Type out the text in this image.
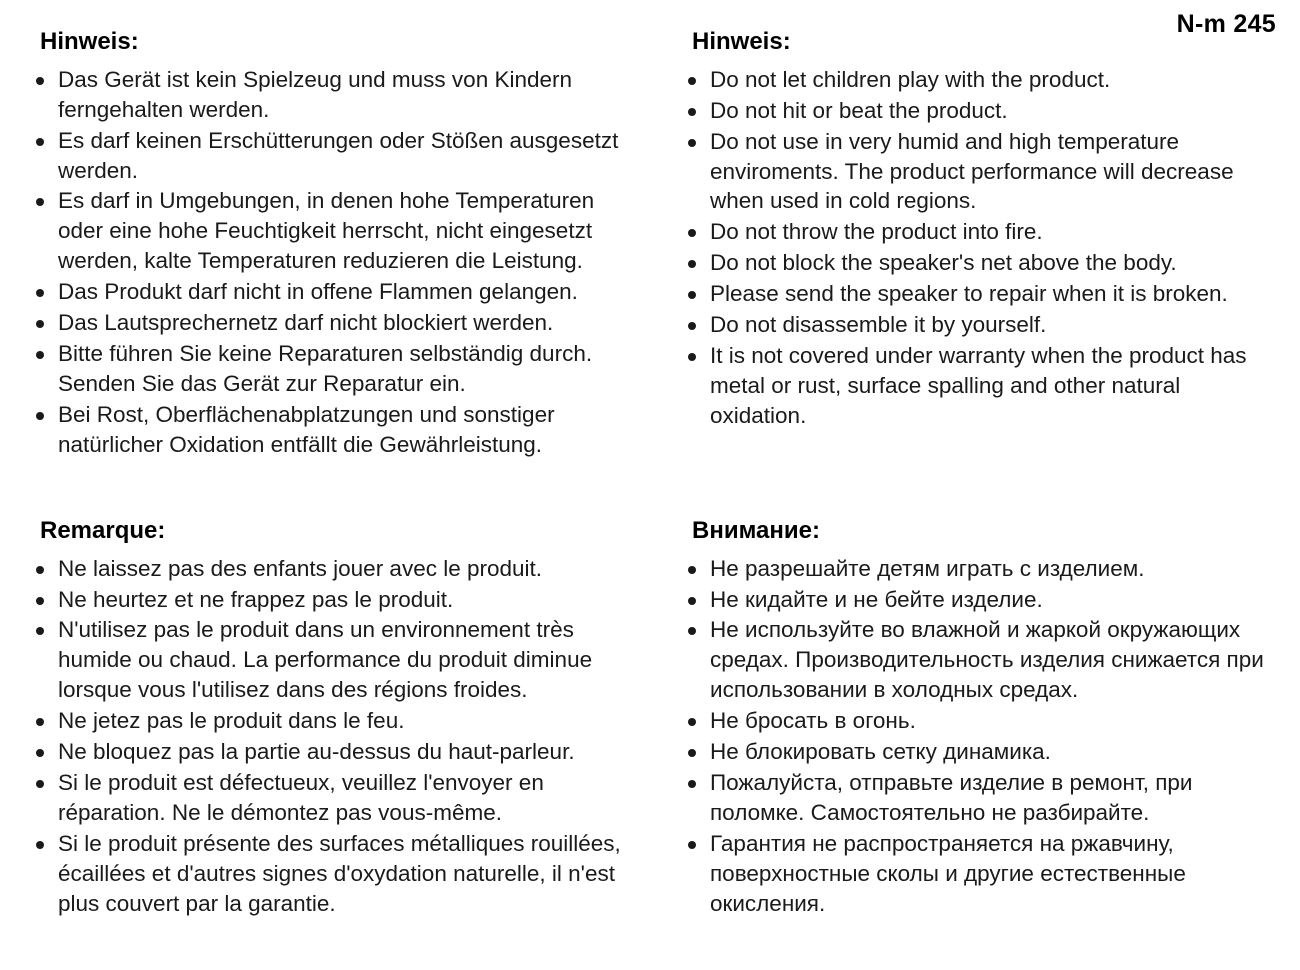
N-m 245
Hinweis:
Das Gerät ist kein Spielzeug und muss von Kindern ferngehalten werden.
Es darf keinen Erschütterungen oder Stößen ausgesetzt werden.
Es darf in Umgebungen, in denen hohe Temperaturen oder eine hohe Feuchtigkeit herrscht, nicht eingesetzt werden, kalte Temperaturen reduzieren die Leistung.
Das Produkt darf nicht in offene Flammen gelangen.
Das Lautsprechernetz darf nicht blockiert werden.
Bitte führen Sie keine Reparaturen selbständig durch. Senden Sie das Gerät zur Reparatur ein.
Bei Rost, Oberflächenabplatzungen und sonstiger natürlicher Oxidation entfällt die Gewährleistung.
Hinweis:
Do not let children play with the product.
Do not hit or beat the product.
Do not use in very humid and high temperature enviroments. The product performance will decrease when used in cold regions.
Do not throw the product into fire.
Do not block the speaker's net above the body.
Please send the speaker to repair when it is broken.
Do not disassemble it by yourself.
It is not covered under warranty when the product has metal or rust, surface spalling and other natural oxidation.
Remarque:
Ne laissez pas des enfants jouer avec le produit.
Ne heurtez et ne frappez pas le produit.
N'utilisez pas le produit dans un environnement très humide ou chaud. La performance du produit diminue lorsque vous l'utilisez dans des régions froides.
Ne jetez pas le produit dans le feu.
Ne bloquez pas la partie au-dessus du haut-parleur.
Si le produit est défectueux, veuillez l'envoyer en réparation. Ne le démontez pas vous-même.
Si le produit présente des surfaces métalliques rouillées, écaillées et d'autres signes d'oxydation naturelle, il n'est plus couvert par la garantie.
Внимание:
Не разрешайте детям играть с изделием.
Не кидайте и не бейте изделие.
Не используйте во влажной и жаркой окружающих средах. Производительность изделия снижается при использовании в холодных средах.
Не бросать в огонь.
Не блокировать сетку динамика.
Пожалуйста, отправьте изделие в ремонт, при поломке. Самостоятельно не разбирайте.
Гарантия не распространяется на ржавчину, поверхностные сколы и другие естественные окисления.
